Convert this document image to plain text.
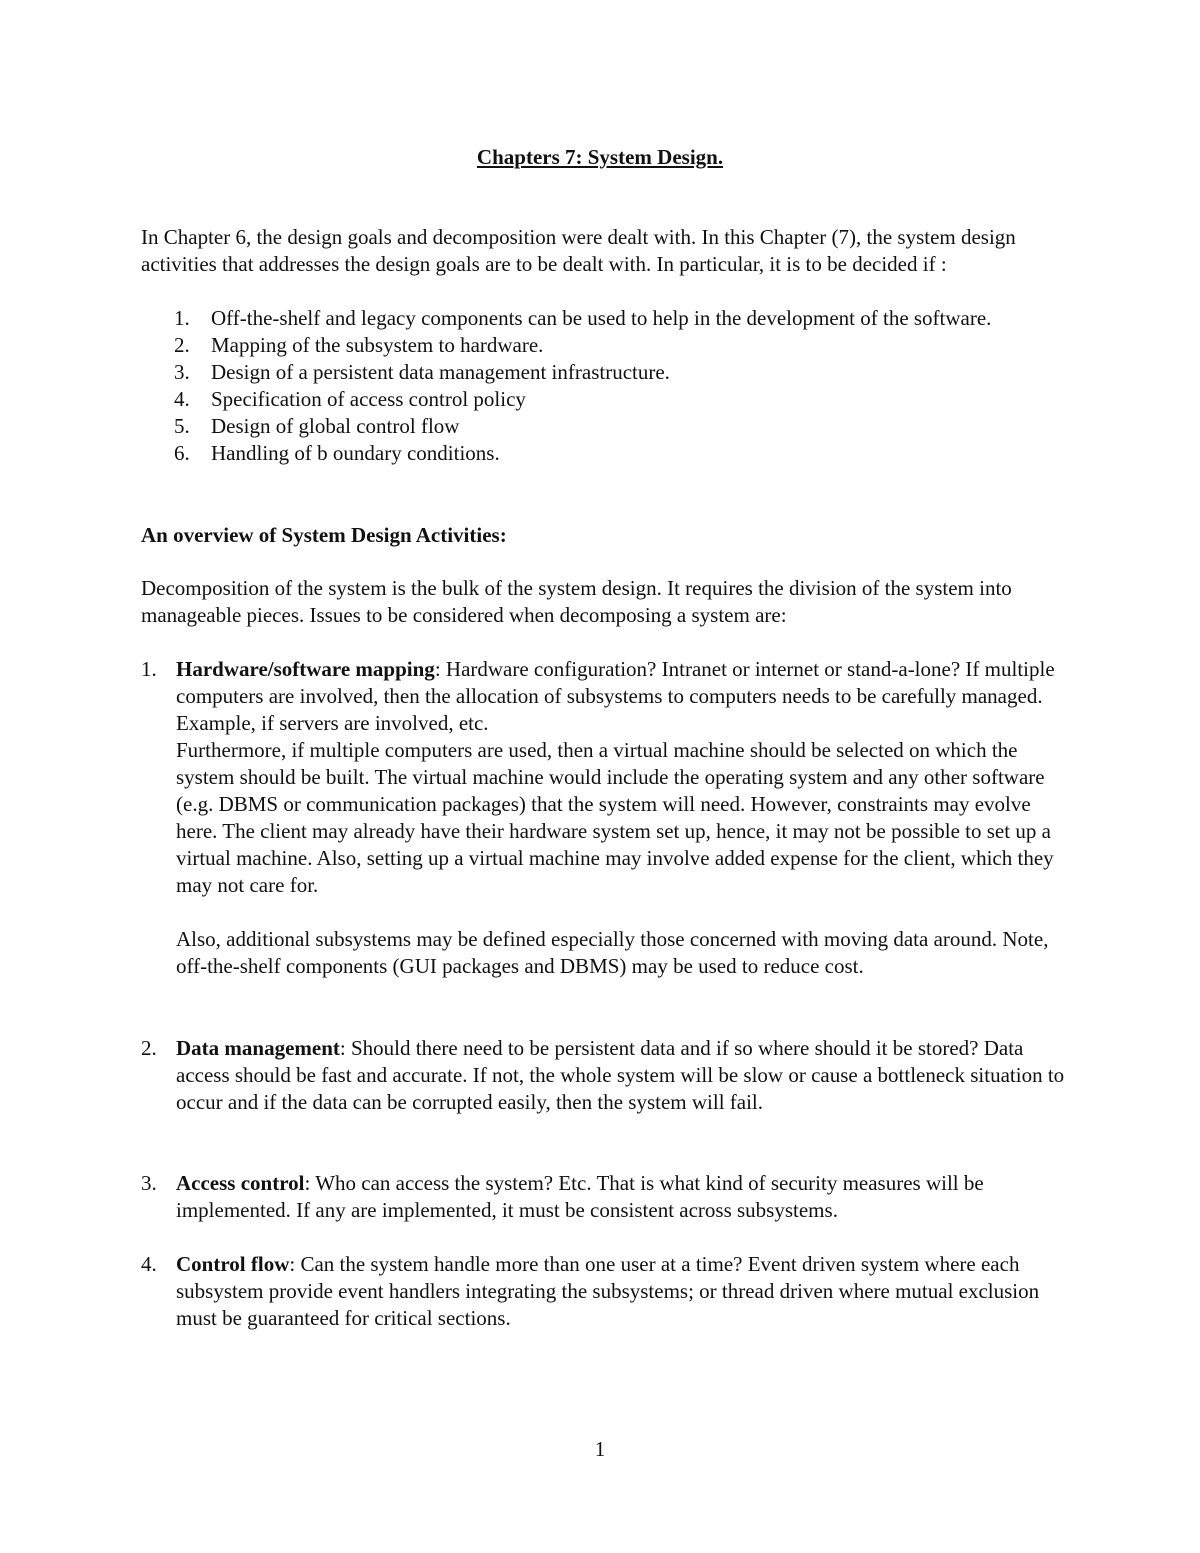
Chapters 7: System Design.

In Chapter 6, the design goals and decomposition were dealt with. In this Chapter (7), the system design activities that addresses the design goals are to be dealt with. In particular, it is to be decided if :

1. Off-the-shelf and legacy components can be used to help in the development of the software.
2. Mapping of the subsystem to hardware.
3. Design of a persistent data management infrastructure.
4. Specification of access control policy
5. Design of global control flow
6. Handling of b oundary conditions.

An overview of System Design Activities:

Decomposition of the system is the bulk of the system design. It requires the division of the system into manageable pieces. Issues to be considered when decomposing a system are:

1. Hardware/software mapping: Hardware configuration? Intranet or internet or stand-a-lone? If multiple computers are involved, then the allocation of subsystems to computers needs to be carefully managed. Example, if servers are involved, etc.

Furthermore, if multiple computers are used, then a virtual machine should be selected on which the system should be built. The virtual machine would include the operating system and any other software (e.g. DBMS or communication packages) that the system will need. However, constraints may evolve here. The client may already have their hardware system set up, hence, it may not be possible to set up a virtual machine. Also, setting up a virtual machine may involve added expense for the client, which they may not care for.

Also, additional subsystems may be defined especially those concerned with moving data around. Note, off-the-shelf components (GUI packages and DBMS) may be used to reduce cost.

2. Data management: Should there need to be persistent data and if so where should it be stored? Data access should be fast and accurate. If not, the whole system will be slow or cause a bottleneck situation to occur and if the data can be corrupted easily, then the system will fail.

3. Access control: Who can access the system? Etc. That is what kind of security measures will be implemented. If any are implemented, it must be consistent across subsystems.

4. Control flow: Can the system handle more than one user at a time? Event driven system where each subsystem provide event handlers integrating the subsystems; or thread driven where mutual exclusion must be guaranteed for critical sections.

1
